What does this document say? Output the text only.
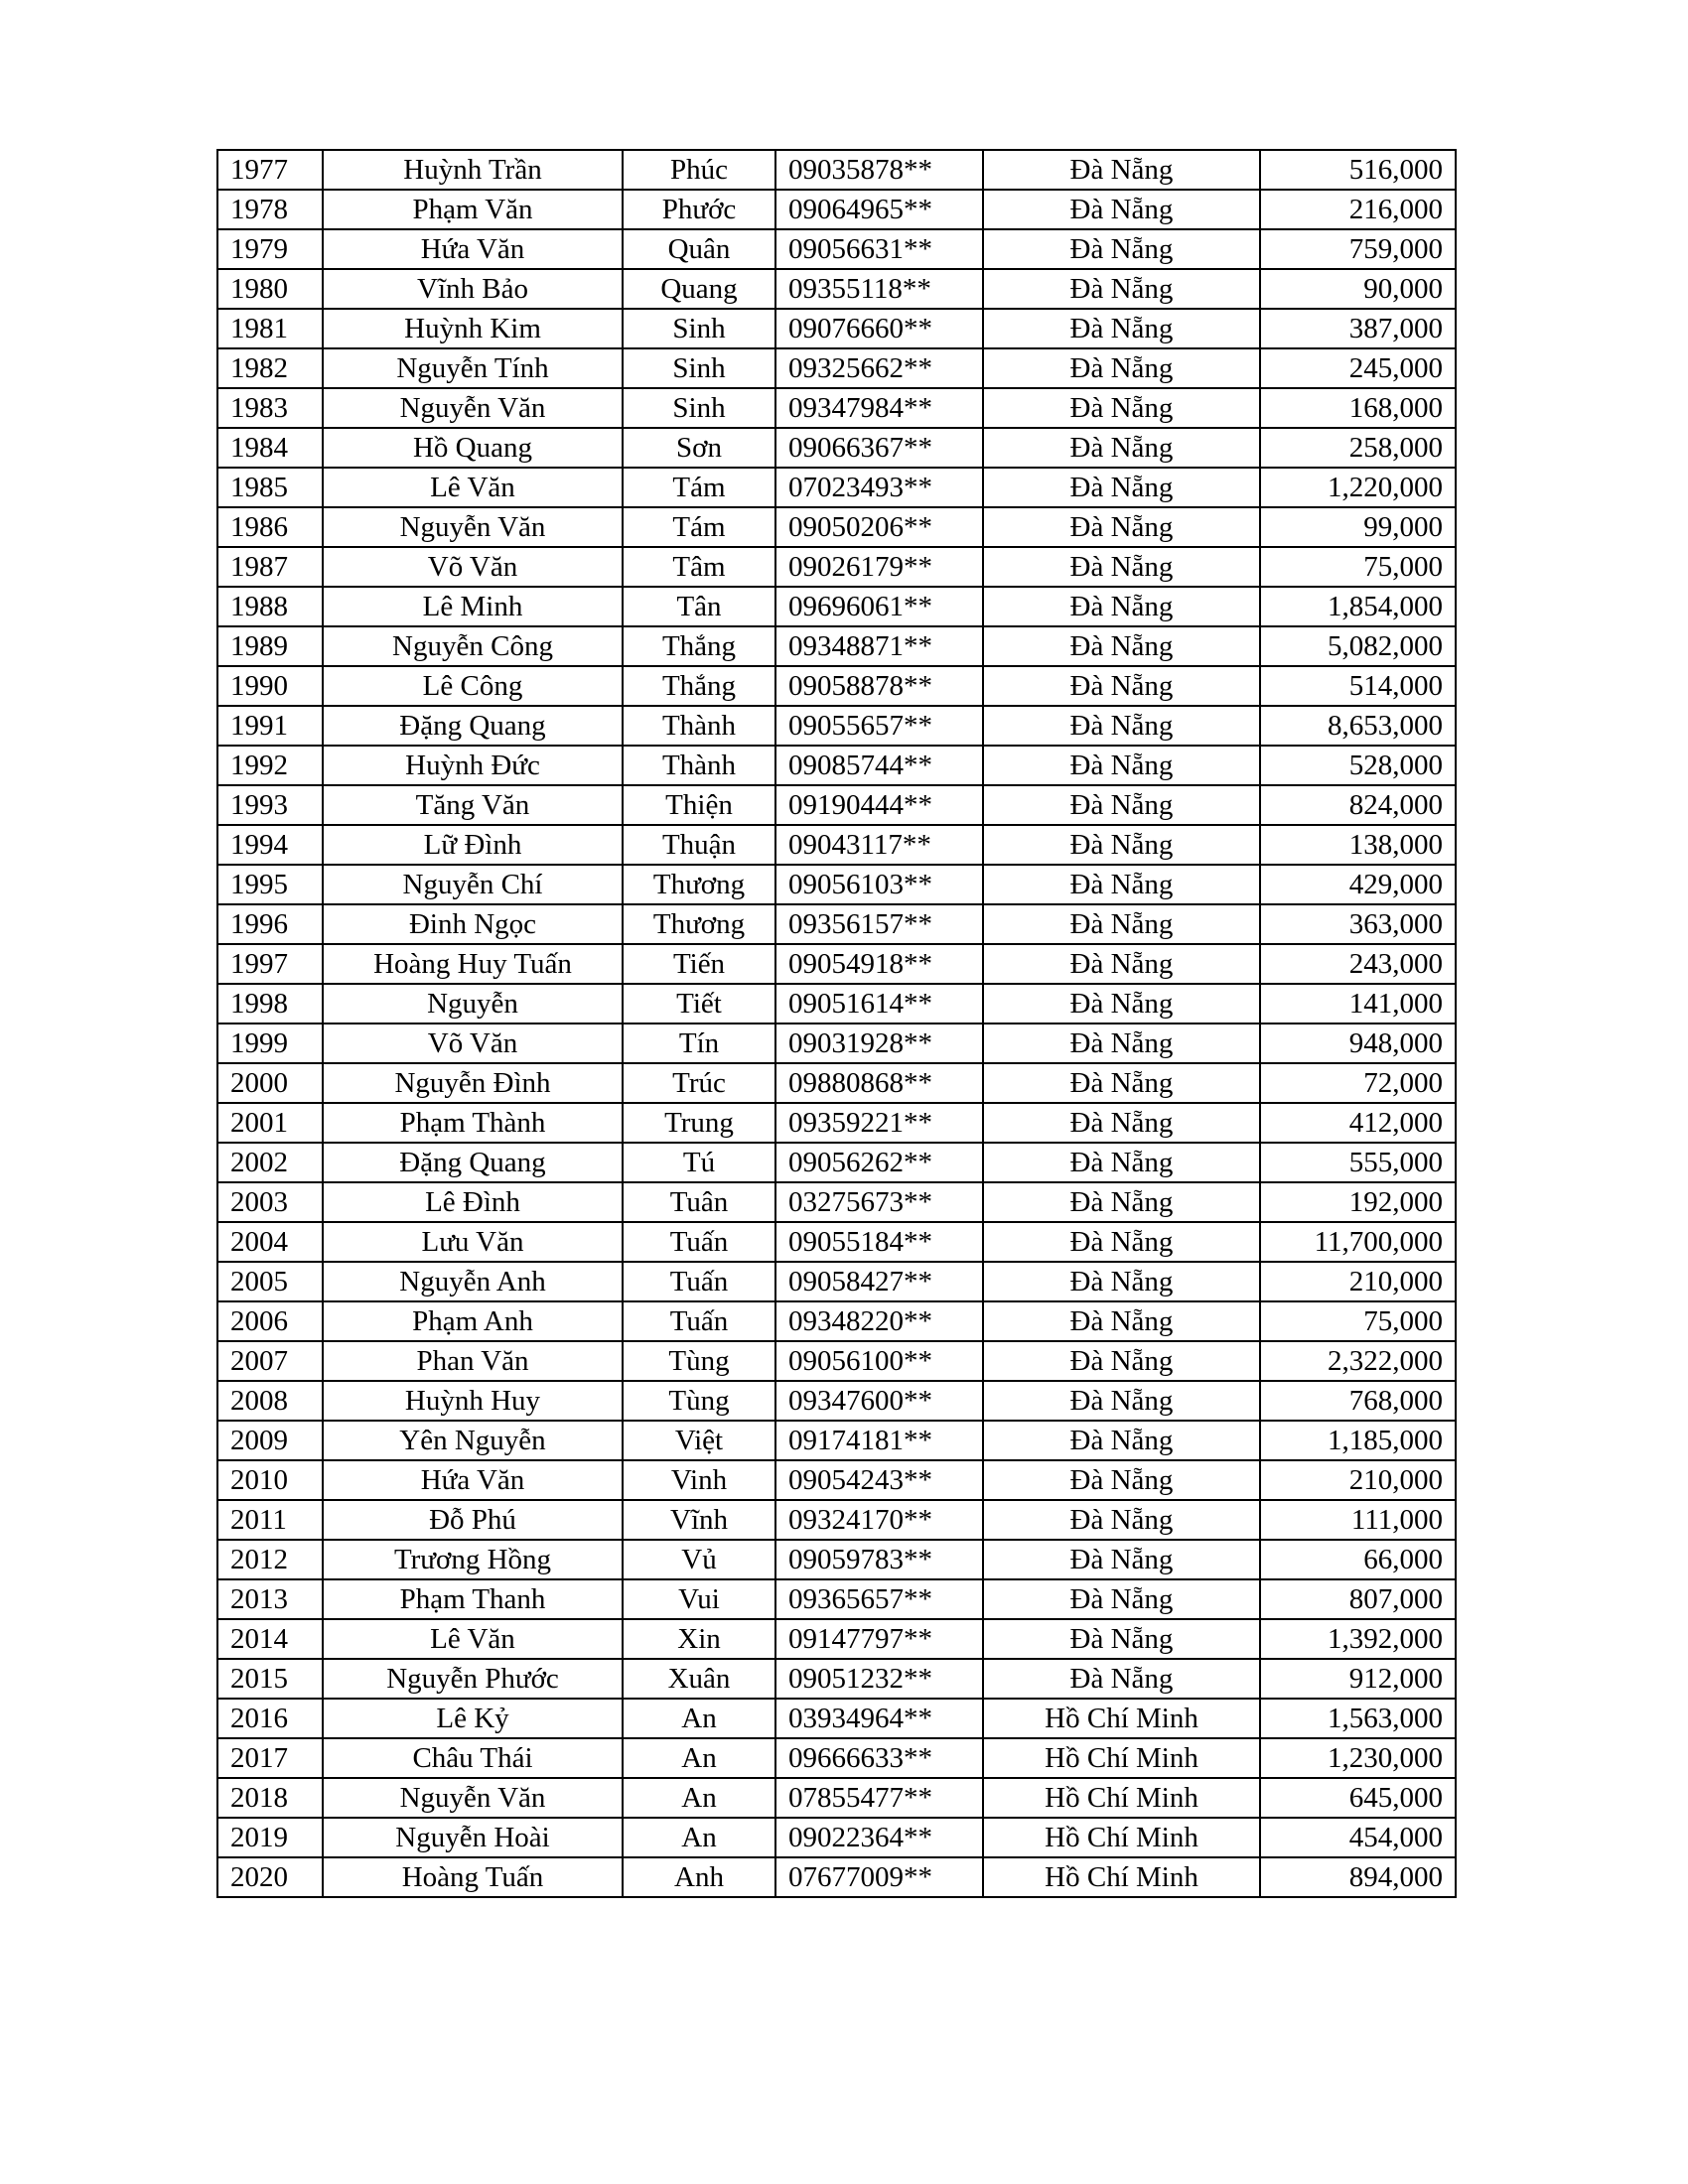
1977	Huỳnh Trần	Phúc	09035878**	Đà Nẵng	516,000
1978	Phạm Văn	Phước	09064965**	Đà Nẵng	216,000
1979	Hứa Văn	Quân	09056631**	Đà Nẵng	759,000
1980	Vĩnh Bảo	Quang	09355118**	Đà Nẵng	90,000
1981	Huỳnh Kim	Sinh	09076660**	Đà Nẵng	387,000
1982	Nguyễn Tính	Sinh	09325662**	Đà Nẵng	245,000
1983	Nguyễn Văn	Sinh	09347984**	Đà Nẵng	168,000
1984	Hồ Quang	Sơn	09066367**	Đà Nẵng	258,000
1985	Lê Văn	Tám	07023493**	Đà Nẵng	1,220,000
1986	Nguyễn Văn	Tám	09050206**	Đà Nẵng	99,000
1987	Võ Văn	Tâm	09026179**	Đà Nẵng	75,000
1988	Lê Minh	Tân	09696061**	Đà Nẵng	1,854,000
1989	Nguyễn Công	Thắng	09348871**	Đà Nẵng	5,082,000
1990	Lê Công	Thắng	09058878**	Đà Nẵng	514,000
1991	Đặng Quang	Thành	09055657**	Đà Nẵng	8,653,000
1992	Huỳnh Đức	Thành	09085744**	Đà Nẵng	528,000
1993	Tăng Văn	Thiện	09190444**	Đà Nẵng	824,000
1994	Lữ Đình	Thuận	09043117**	Đà Nẵng	138,000
1995	Nguyễn Chí	Thương	09056103**	Đà Nẵng	429,000
1996	Đinh Ngọc	Thương	09356157**	Đà Nẵng	363,000
1997	Hoàng Huy Tuấn	Tiến	09054918**	Đà Nẵng	243,000
1998	Nguyễn	Tiết	09051614**	Đà Nẵng	141,000
1999	Võ Văn	Tín	09031928**	Đà Nẵng	948,000
2000	Nguyễn Đình	Trúc	09880868**	Đà Nẵng	72,000
2001	Phạm Thành	Trung	09359221**	Đà Nẵng	412,000
2002	Đặng Quang	Tú	09056262**	Đà Nẵng	555,000
2003	Lê Đình	Tuân	03275673**	Đà Nẵng	192,000
2004	Lưu Văn	Tuấn	09055184**	Đà Nẵng	11,700,000
2005	Nguyễn Anh	Tuấn	09058427**	Đà Nẵng	210,000
2006	Phạm Anh	Tuấn	09348220**	Đà Nẵng	75,000
2007	Phan Văn	Tùng	09056100**	Đà Nẵng	2,322,000
2008	Huỳnh Huy	Tùng	09347600**	Đà Nẵng	768,000
2009	Yên Nguyễn	Việt	09174181**	Đà Nẵng	1,185,000
2010	Hứa Văn	Vinh	09054243**	Đà Nẵng	210,000
2011	Đỗ Phú	Vĩnh	09324170**	Đà Nẵng	111,000
2012	Trương Hồng	Vủ	09059783**	Đà Nẵng	66,000
2013	Phạm Thanh	Vui	09365657**	Đà Nẵng	807,000
2014	Lê Văn	Xin	09147797**	Đà Nẵng	1,392,000
2015	Nguyễn Phước	Xuân	09051232**	Đà Nẵng	912,000
2016	Lê Kỷ	An	03934964**	Hồ Chí Minh	1,563,000
2017	Châu Thái	An	09666633**	Hồ Chí Minh	1,230,000
2018	Nguyễn Văn	An	07855477**	Hồ Chí Minh	645,000
2019	Nguyễn Hoài	An	09022364**	Hồ Chí Minh	454,000
2020	Hoàng Tuấn	Anh	07677009**	Hồ Chí Minh	894,000
